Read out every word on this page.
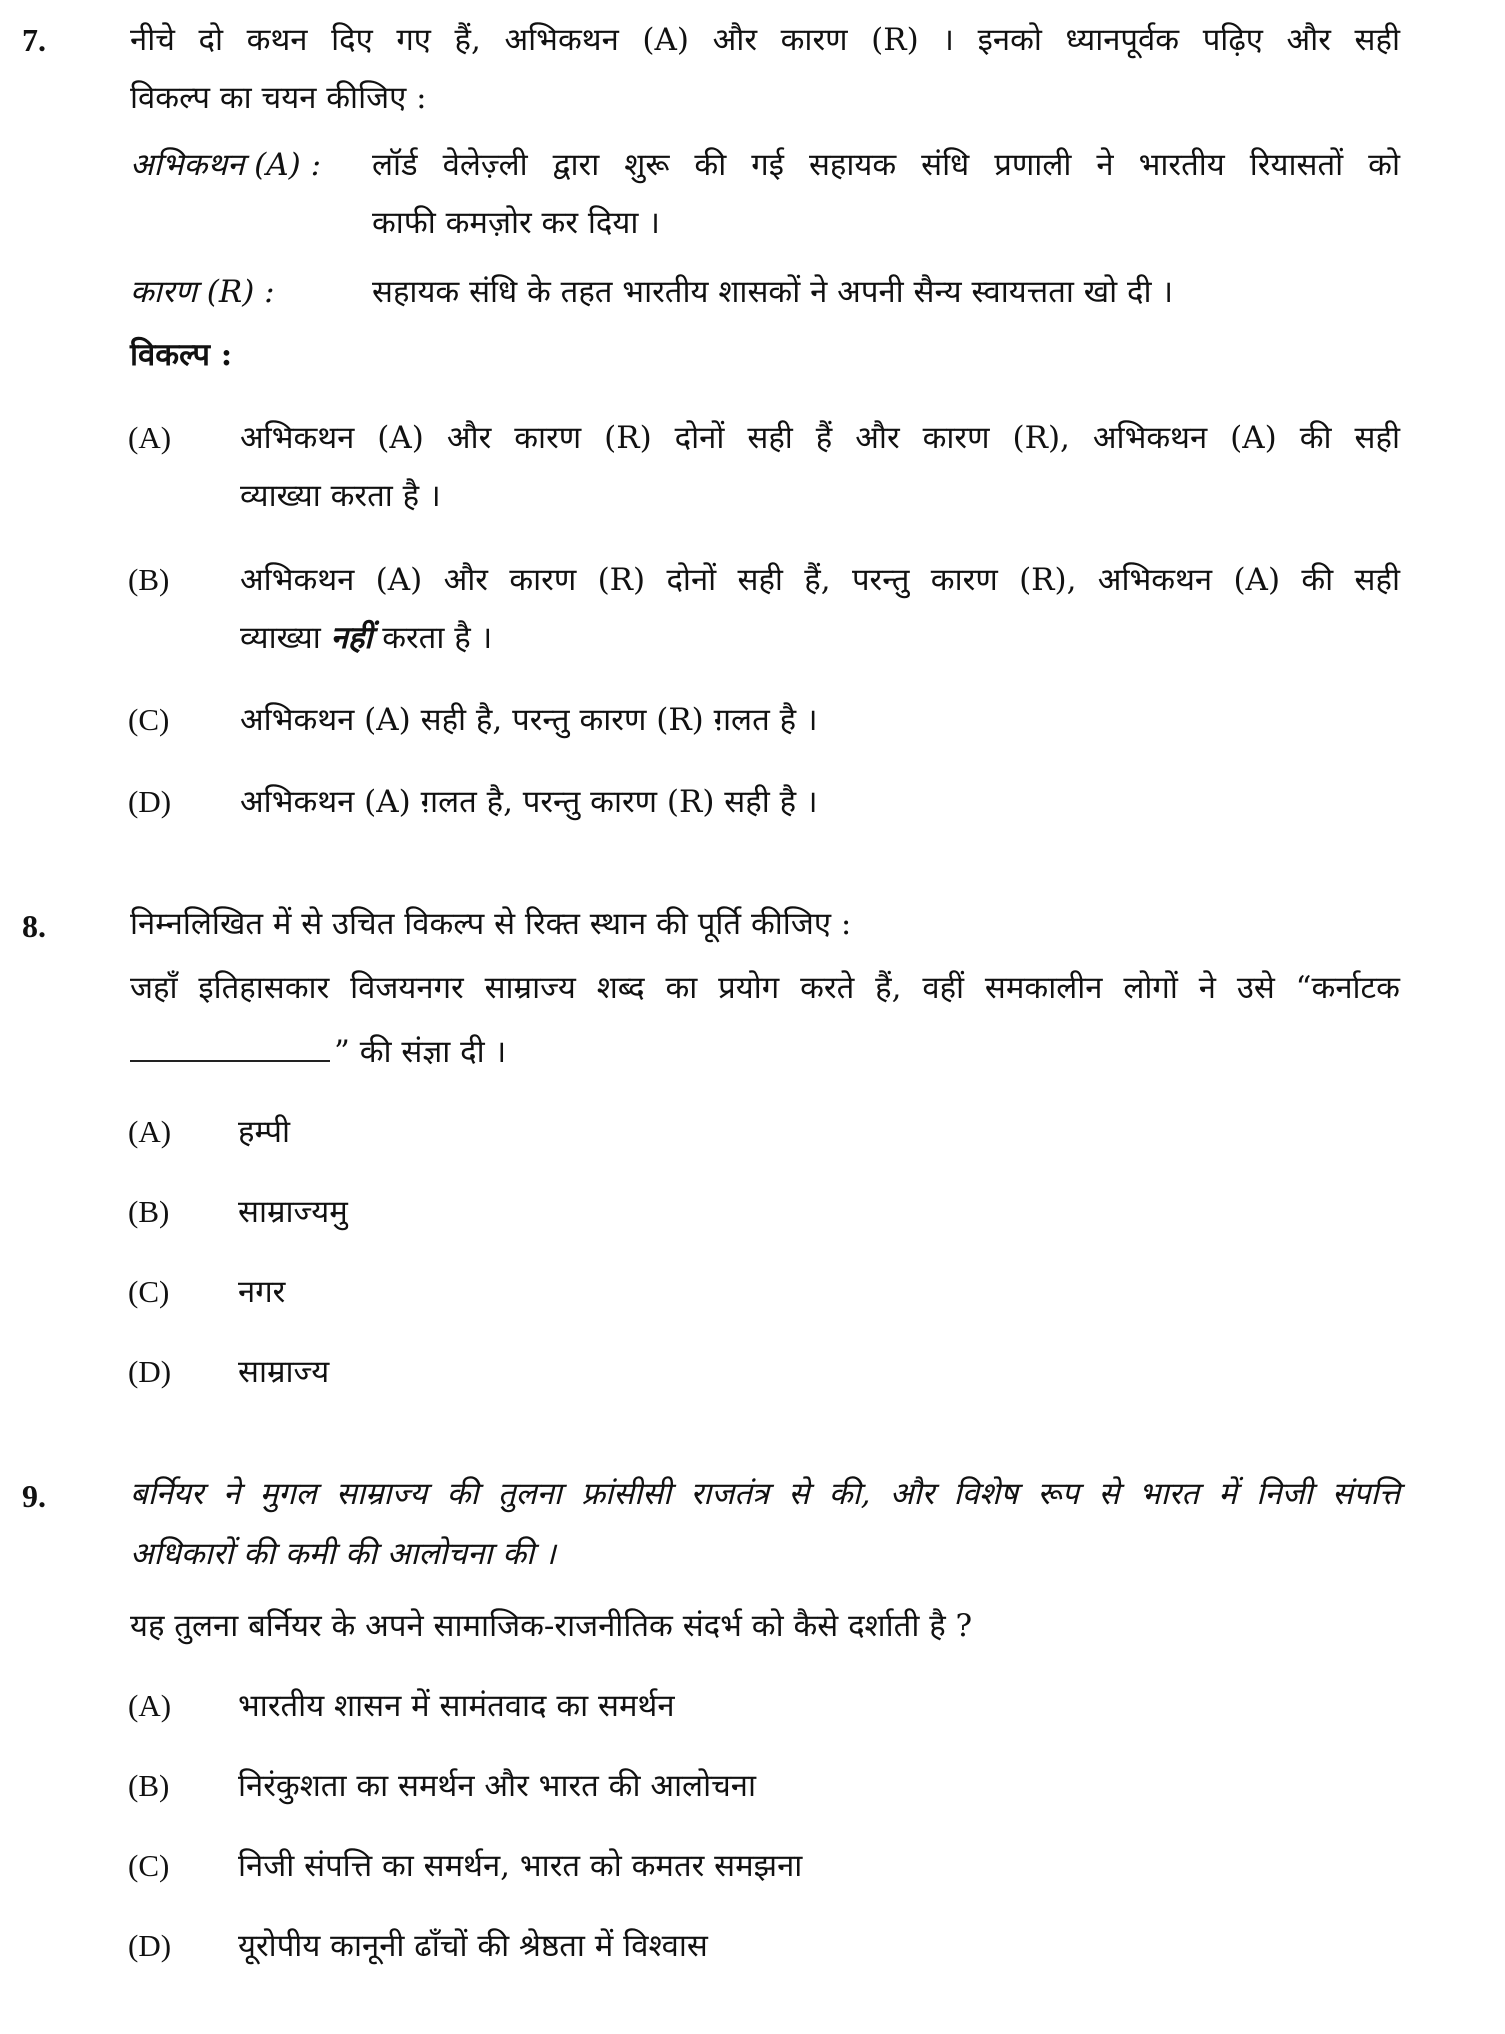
7.	नीचे दो कथन दिए गए हैं, अभिकथन (A) और कारण (R) । इनको ध्यानपूर्वक पढ़िए और सही
विकल्प का चयन कीजिए :
अभिकथन (A) : लॉर्ड वेलेज़्ली द्वारा शुरू की गई सहायक संधि प्रणाली ने भारतीय रियासतों को
काफी कमज़ोर कर दिया ।
कारण (R) :	सहायक संधि के तहत भारतीय शासकों ने अपनी सैन्य स्वायत्तता खो दी ।
विकल्प :
(A) अभिकथन (A) और कारण (R) दोनों सही हैं और कारण (R), अभिकथन (A) की सही
व्याख्या करता है ।
(B) अभिकथन (A) और कारण (R) दोनों सही हैं, परन्तु कारण (R), अभिकथन (A) की सही
व्याख्या नहीं करता है ।
(C) अभिकथन (A) सही है, परन्तु कारण (R) ग़लत है ।
(D) अभिकथन (A) ग़लत है, परन्तु कारण (R) सही है ।
8.	निम्नलिखित में से उचित विकल्प से रिक्त स्थान की पूर्ति कीजिए :
जहाँ इतिहासकार विजयनगर साम्राज्य शब्द का प्रयोग करते हैं, वहीं समकालीन लोगों ने उसे “कर्नाटक
” की संज्ञा दी ।
(A) हम्पी
(B) साम्राज्यमु
(C) नगर
(D) साम्राज्य
9.	बर्नियर ने मुगल साम्राज्य की तुलना फ्रांसीसी राजतंत्र से की, और विशेष रूप से भारत में निजी संपत्ति
अधिकारों की कमी की आलोचना की ।
यह तुलना बर्नियर के अपने सामाजिक-राजनीतिक संदर्भ को कैसे दर्शाती है ?
(A) भारतीय शासन में सामंतवाद का समर्थन
(B) निरंकुशता का समर्थन और भारत की आलोचना
(C) निजी संपत्ति का समर्थन, भारत को कमतर समझना
(D) यूरोपीय कानूनी ढाँचों की श्रेष्ठता में विश्वास
